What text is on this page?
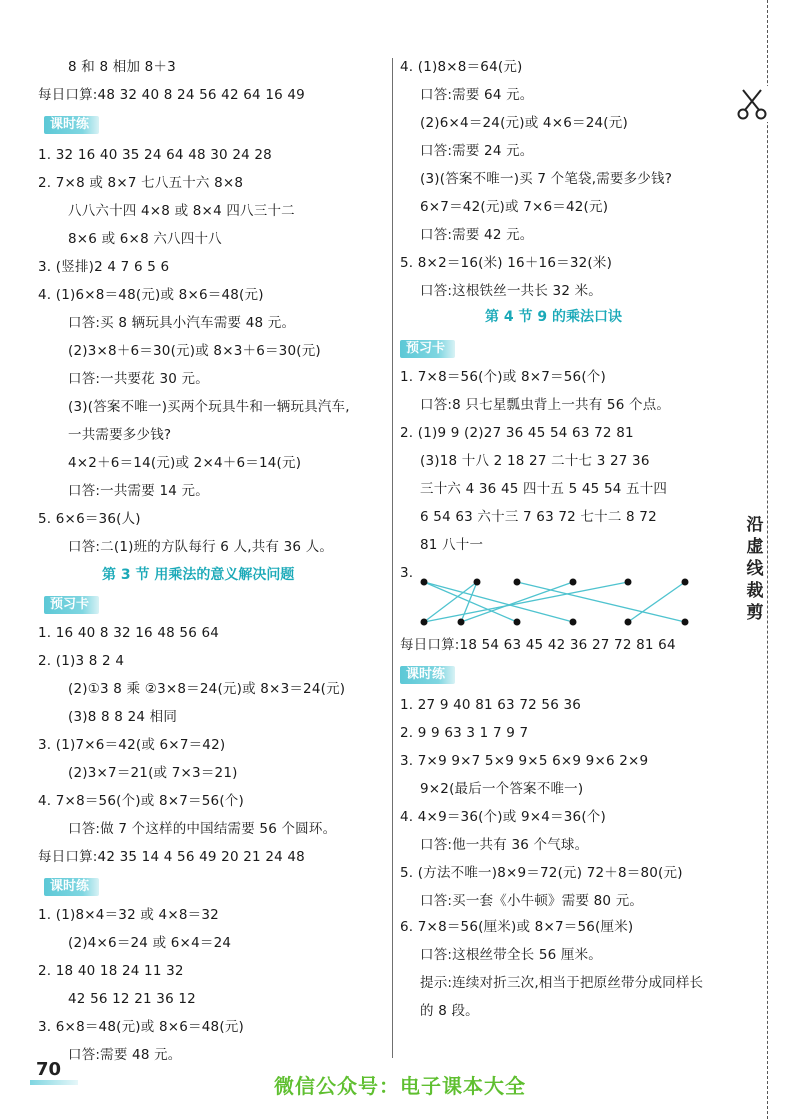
8 和 8 相加 8＋3
每日口算:48 32 40 8 24 56 42 64 16 49
课时练
1. 32 16 40 35 24 64 48 30 24 28
2. 7×8 或 8×7 七八五十六 8×8
八八六十四 4×8 或 8×4 四八三十二
8×6 或 6×8 六八四十八
3. (竖排)2 4 7 6 5 6
4. (1)6×8＝48(元)或 8×6＝48(元)
口答:买 8 辆玩具小汽车需要 48 元。
(2)3×8＋6＝30(元)或 8×3＋6＝30(元)
口答:一共要花 30 元。
(3)(答案不唯一)买两个玩具牛和一辆玩具汽车,
一共需要多少钱?
4×2＋6＝14(元)或 2×4＋6＝14(元)
口答:一共需要 14 元。
5. 6×6＝36(人)
口答:二(1)班的方队每行 6 人,共有 36 人。
第 3 节 用乘法的意义解决问题
预习卡
1. 16 40 8 32 16 48 56 64
2. (1)3 8 2 4
(2)①3 8 乘 ②3×8＝24(元)或 8×3＝24(元)
(3)8 8 8 24 相同
3. (1)7×6＝42(或 6×7＝42)
(2)3×7＝21(或 7×3＝21)
4. 7×8＝56(个)或 8×7＝56(个)
口答:做 7 个这样的中国结需要 56 个圆环。
每日口算:42 35 14 4 56 49 20 21 24 48
课时练
1. (1)8×4＝32 或 4×8＝32
(2)4×6＝24 或 6×4＝24
2. 18 40 18 24 11 32
42 56 12 21 36 12
3. 6×8＝48(元)或 8×6＝48(元)
口答:需要 48 元。
4. (1)8×8＝64(元)
口答:需要 64 元。
(2)6×4＝24(元)或 4×6＝24(元)
口答:需要 24 元。
(3)(答案不唯一)买 7 个笔袋,需要多少钱?
6×7＝42(元)或 7×6＝42(元)
口答:需要 42 元。
5. 8×2＝16(米) 16＋16＝32(米)
口答:这根铁丝一共长 32 米。
第 4 节 9 的乘法口诀
预习卡
1. 7×8＝56(个)或 8×7＝56(个)
口答:8 只七星瓢虫背上一共有 56 个点。
2. (1)9 9 (2)27 36 45 54 63 72 81
(3)18 十八 2 18 27 二十七 3 27 36
三十六 4 36 45 四十五 5 45 54 五十四
6 54 63 六十三 7 63 72 七十二 8 72
81 八十一
3.
每日口算:18 54 63 45 42 36 27 72 81 64
课时练
1. 27 9 40 81 63 72 56 36
2. 9 9 63 3 1 7 9 7
3. 7×9 9×7 5×9 9×5 6×9 9×6 2×9
9×2(最后一个答案不唯一)
4. 4×9＝36(个)或 9×4＝36(个)
口答:他一共有 36 个气球。
5. (方法不唯一)8×9＝72(元) 72＋8＝80(元)
口答:买一套《小牛顿》需要 80 元。
6. 7×8＝56(厘米)或 8×7＝56(厘米)
口答:这根丝带全长 56 厘米。
提示:连续对折三次,相当于把原丝带分成同样长
的 8 段。
沿虚线裁剪
70
微信公众号：电子课本大全
